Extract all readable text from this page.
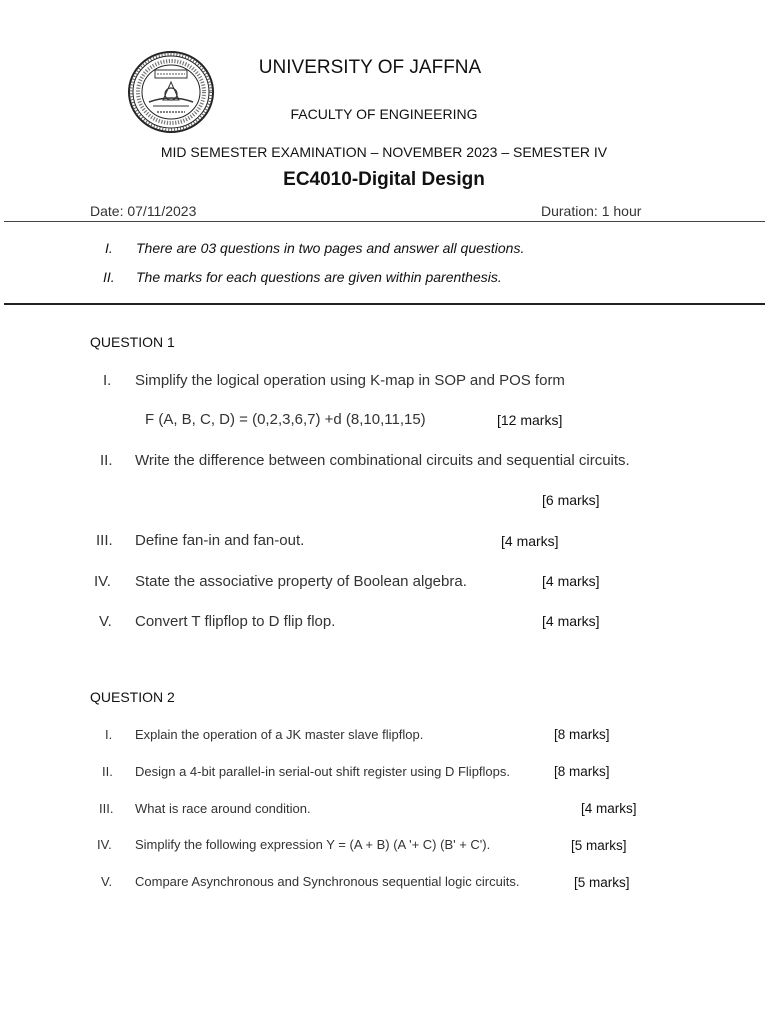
UNIVERSITY OF JAFFNA
FACULTY OF ENGINEERING
MID SEMESTER EXAMINATION – NOVEMBER 2023 – SEMESTER IV
EC4010-Digital Design
Date: 07/11/2023	Duration: 1 hour
I. There are 03 questions in two pages and answer all questions.
II. The marks for each questions are given within parenthesis.
QUESTION 1
I. Simplify the logical operation using K-map in SOP and POS form
F (A, B, C, D) = (0,2,3,6,7) +d (8,10,11,15)	[12 marks]
II. Write the difference between combinational circuits and sequential circuits.
[6 marks]
III. Define fan-in and fan-out.	[4 marks]
IV. State the associative property of Boolean algebra.	[4 marks]
V. Convert T flipflop to D flip flop.	[4 marks]
QUESTION 2
I. Explain the operation of a JK master slave flipflop.	[8 marks]
II. Design a 4-bit parallel-in serial-out shift register using D Flipflops.	[8 marks]
III. What is race around condition.	[4 marks]
IV. Simplify the following expression Y = (A + B) (A '+ C) (B' + C').	[5 marks]
V. Compare Asynchronous and Synchronous sequential logic circuits.	[5 marks]
